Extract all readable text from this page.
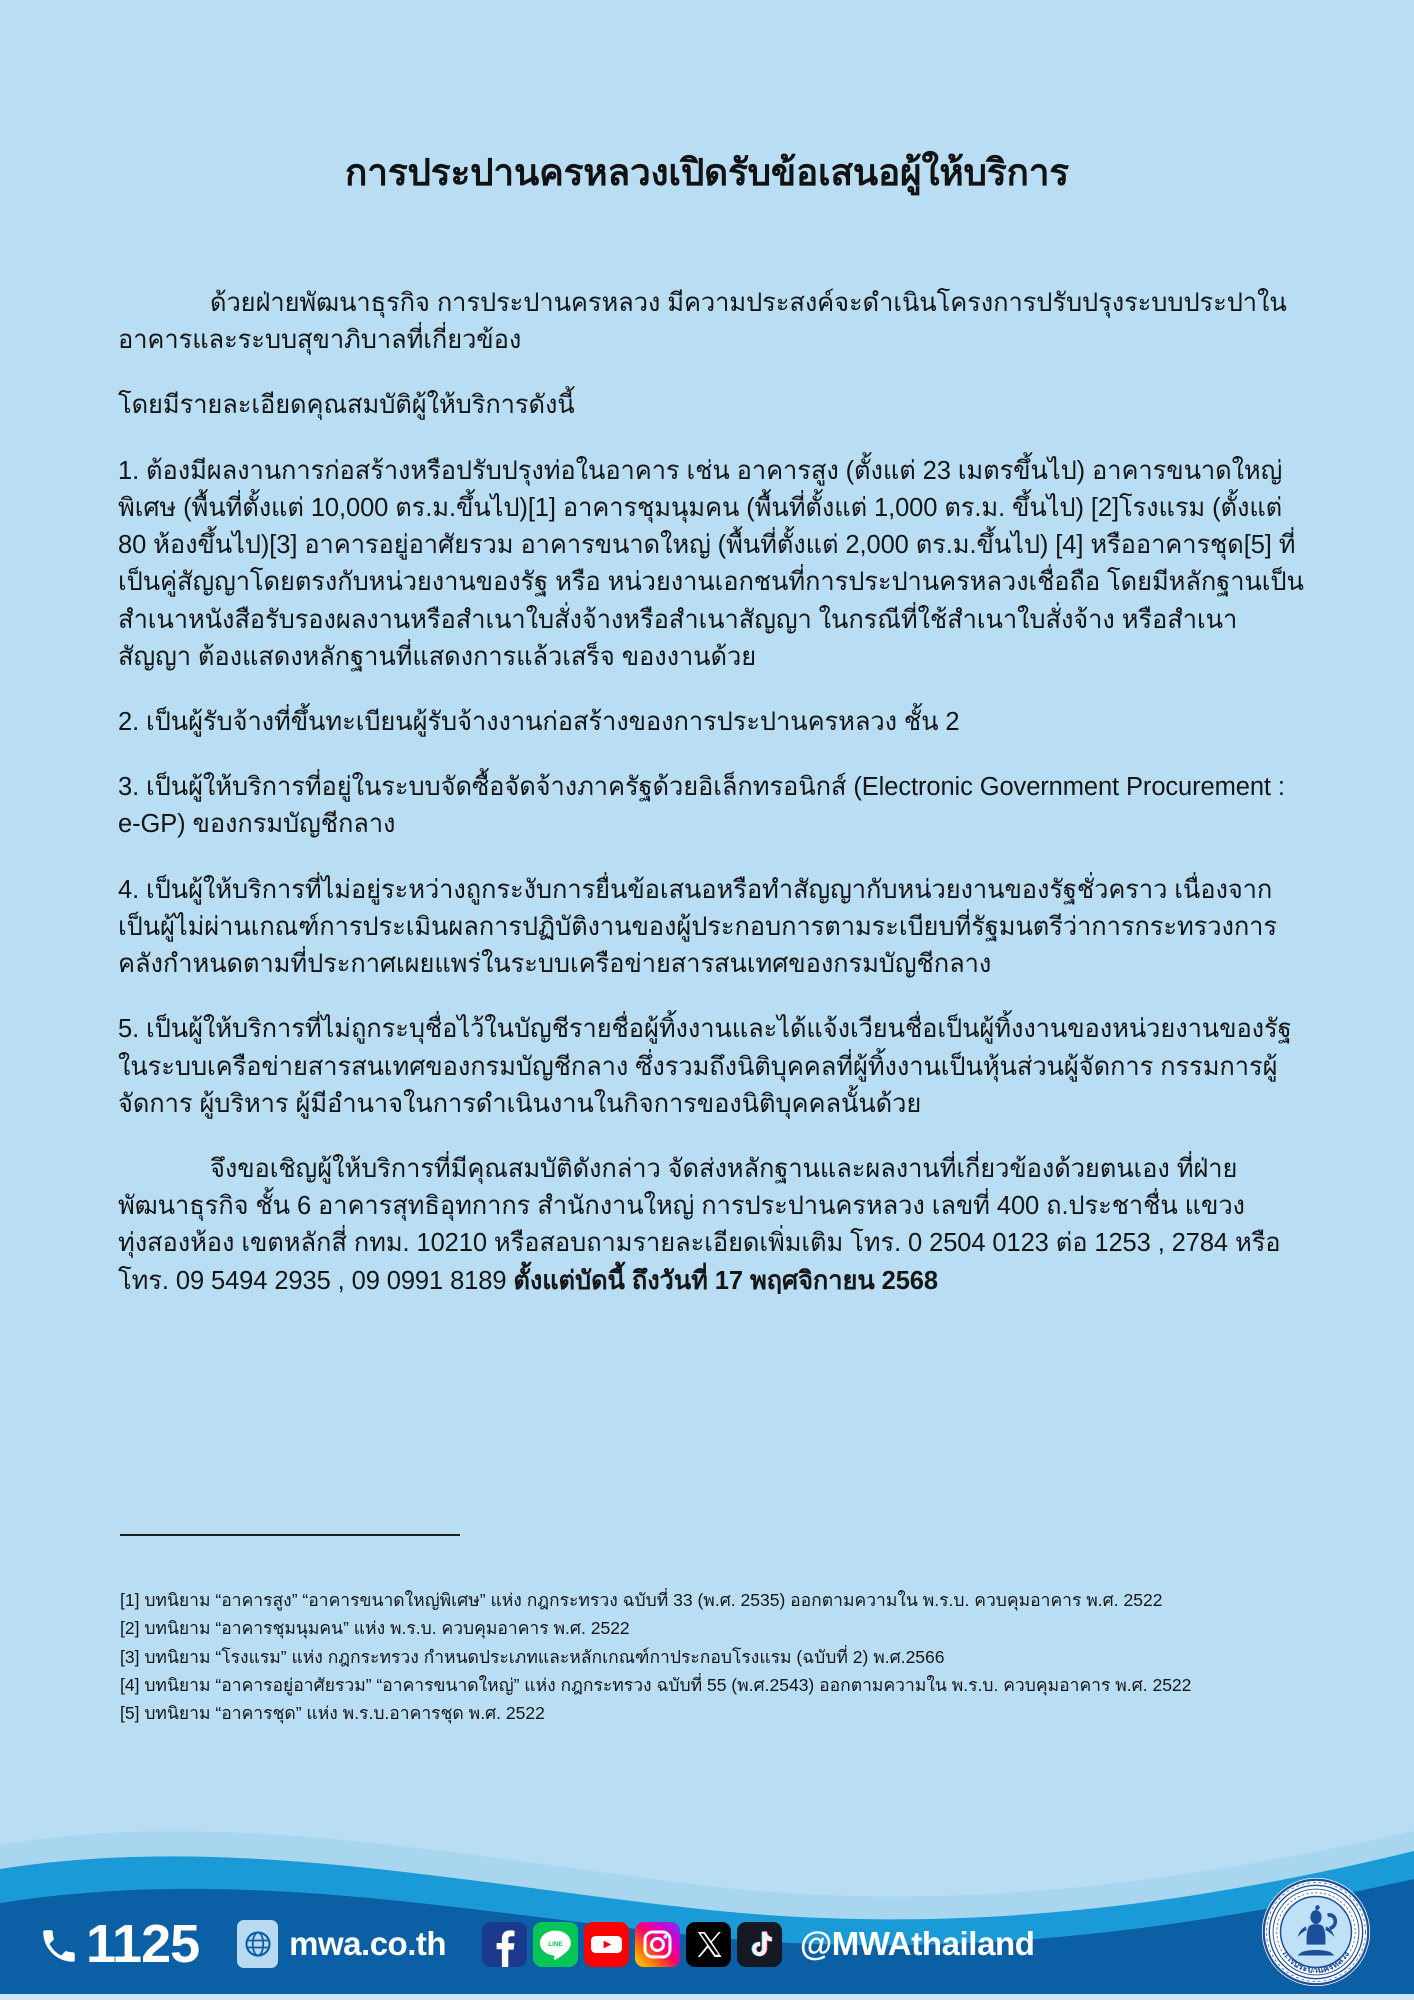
การประปานครหลวงเปิดรับข้อเสนอผู้ให้บริการ

ด้วยฝ่ายพัฒนาธุรกิจ การประปานครหลวง มีความประสงค์จะดำเนินโครงการปรับปรุงระบบประปาในอาคารและระบบสุขาภิบาลที่เกี่ยวข้อง

โดยมีรายละเอียดคุณสมบัติผู้ให้บริการดังนี้

1. ต้องมีผลงานการก่อสร้างหรือปรับปรุงท่อในอาคาร เช่น อาคารสูง (ตั้งแต่ 23 เมตรขึ้นไป) อาคารขนาดใหญ่พิเศษ (พื้นที่ตั้งแต่ 10,000 ตร.ม.ขึ้นไป)[1] อาคารชุมนุมคน (พื้นที่ตั้งแต่ 1,000 ตร.ม. ขึ้นไป) [2]โรงแรม (ตั้งแต่ 80 ห้องขึ้นไป)[3] อาคารอยู่อาศัยรวม อาคารขนาดใหญ่ (พื้นที่ตั้งแต่ 2,000 ตร.ม.ขึ้นไป) [4] หรืออาคารชุด[5] ที่เป็นคู่สัญญาโดยตรงกับหน่วยงานของรัฐ หรือ หน่วยงานเอกชนที่การประปานครหลวงเชื่อถือ โดยมีหลักฐานเป็นสำเนาหนังสือรับรองผลงานหรือสำเนาใบสั่งจ้างหรือสำเนาสัญญา ในกรณีที่ใช้สำเนาใบสั่งจ้าง หรือสำเนาสัญญา ต้องแสดงหลักฐานที่แสดงการแล้วเสร็จ ของงานด้วย

2. เป็นผู้รับจ้างที่ขึ้นทะเบียนผู้รับจ้างงานก่อสร้างของการประปานครหลวง ชั้น 2

3. เป็นผู้ให้บริการที่อยู่ในระบบจัดซื้อจัดจ้างภาครัฐด้วยอิเล็กทรอนิกส์ (Electronic Government Procurement : e-GP) ของกรมบัญชีกลาง

4. เป็นผู้ให้บริการที่ไม่อยู่ระหว่างถูกระงับการยื่นข้อเสนอหรือทำสัญญากับหน่วยงานของรัฐชั่วคราว เนื่องจากเป็นผู้ไม่ผ่านเกณฑ์การประเมินผลการปฏิบัติงานของผู้ประกอบการตามระเบียบที่รัฐมนตรีว่าการกระทรวงการคลังกำหนดตามที่ประกาศเผยแพร่ในระบบเครือข่ายสารสนเทศของกรมบัญชีกลาง

5. เป็นผู้ให้บริการที่ไม่ถูกระบุชื่อไว้ในบัญชีรายชื่อผู้ทิ้งงานและได้แจ้งเวียนชื่อเป็นผู้ทิ้งงานของหน่วยงานของรัฐในระบบเครือข่ายสารสนเทศของกรมบัญชีกลาง ซึ่งรวมถึงนิติบุคคลที่ผู้ทิ้งงานเป็นหุ้นส่วนผู้จัดการ กรรมการผู้จัดการ ผู้บริหาร ผู้มีอำนาจในการดำเนินงานในกิจการของนิติบุคคลนั้นด้วย

จึงขอเชิญผู้ให้บริการที่มีคุณสมบัติดังกล่าว จัดส่งหลักฐานและผลงานที่เกี่ยวข้องด้วยตนเอง ที่ฝ่ายพัฒนาธุรกิจ ชั้น 6 อาคารสุทธิอุทกากร สำนักงานใหญ่ การประปานครหลวง เลขที่ 400 ถ.ประชาชื่น แขวงทุ่งสองห้อง เขตหลักสี่ กทม. 10210 หรือสอบถามรายละเอียดเพิ่มเติม โทร. 0 2504 0123 ต่อ 1253 , 2784 หรือ โทร. 09 5494 2935 , 09 0991 8189 ตั้งแต่บัดนี้ ถึงวันที่ 17 พฤศจิกายน 2568

[1] บทนิยาม “อาคารสูง” “อาคารขนาดใหญ่พิเศษ” แห่ง กฎกระทรวง ฉบับที่ 33 (พ.ศ. 2535) ออกตามความใน พ.ร.บ. ควบคุมอาคาร พ.ศ. 2522
[2] บทนิยาม “อาคารชุมนุมคน” แห่ง พ.ร.บ. ควบคุมอาคาร พ.ศ. 2522
[3] บทนิยาม “โรงแรม” แห่ง กฎกระทรวง กำหนดประเภทและหลักเกณฑ์กาประกอบโรงแรม (ฉบับที่ 2) พ.ศ.2566
[4] บทนิยาม “อาคารอยู่อาศัยรวม” “อาคารขนาดใหญ่” แห่ง กฎกระทรวง ฉบับที่ 55 (พ.ศ.2543) ออกตามความใน พ.ร.บ. ควบคุมอาคาร พ.ศ. 2522
[5] บทนิยาม “อาคารชุด” แห่ง พ.ร.บ.อาคารชุด พ.ศ. 2522
1125	mwa.co.th	LINE	@MWAthailand	การประปานครหลวง
